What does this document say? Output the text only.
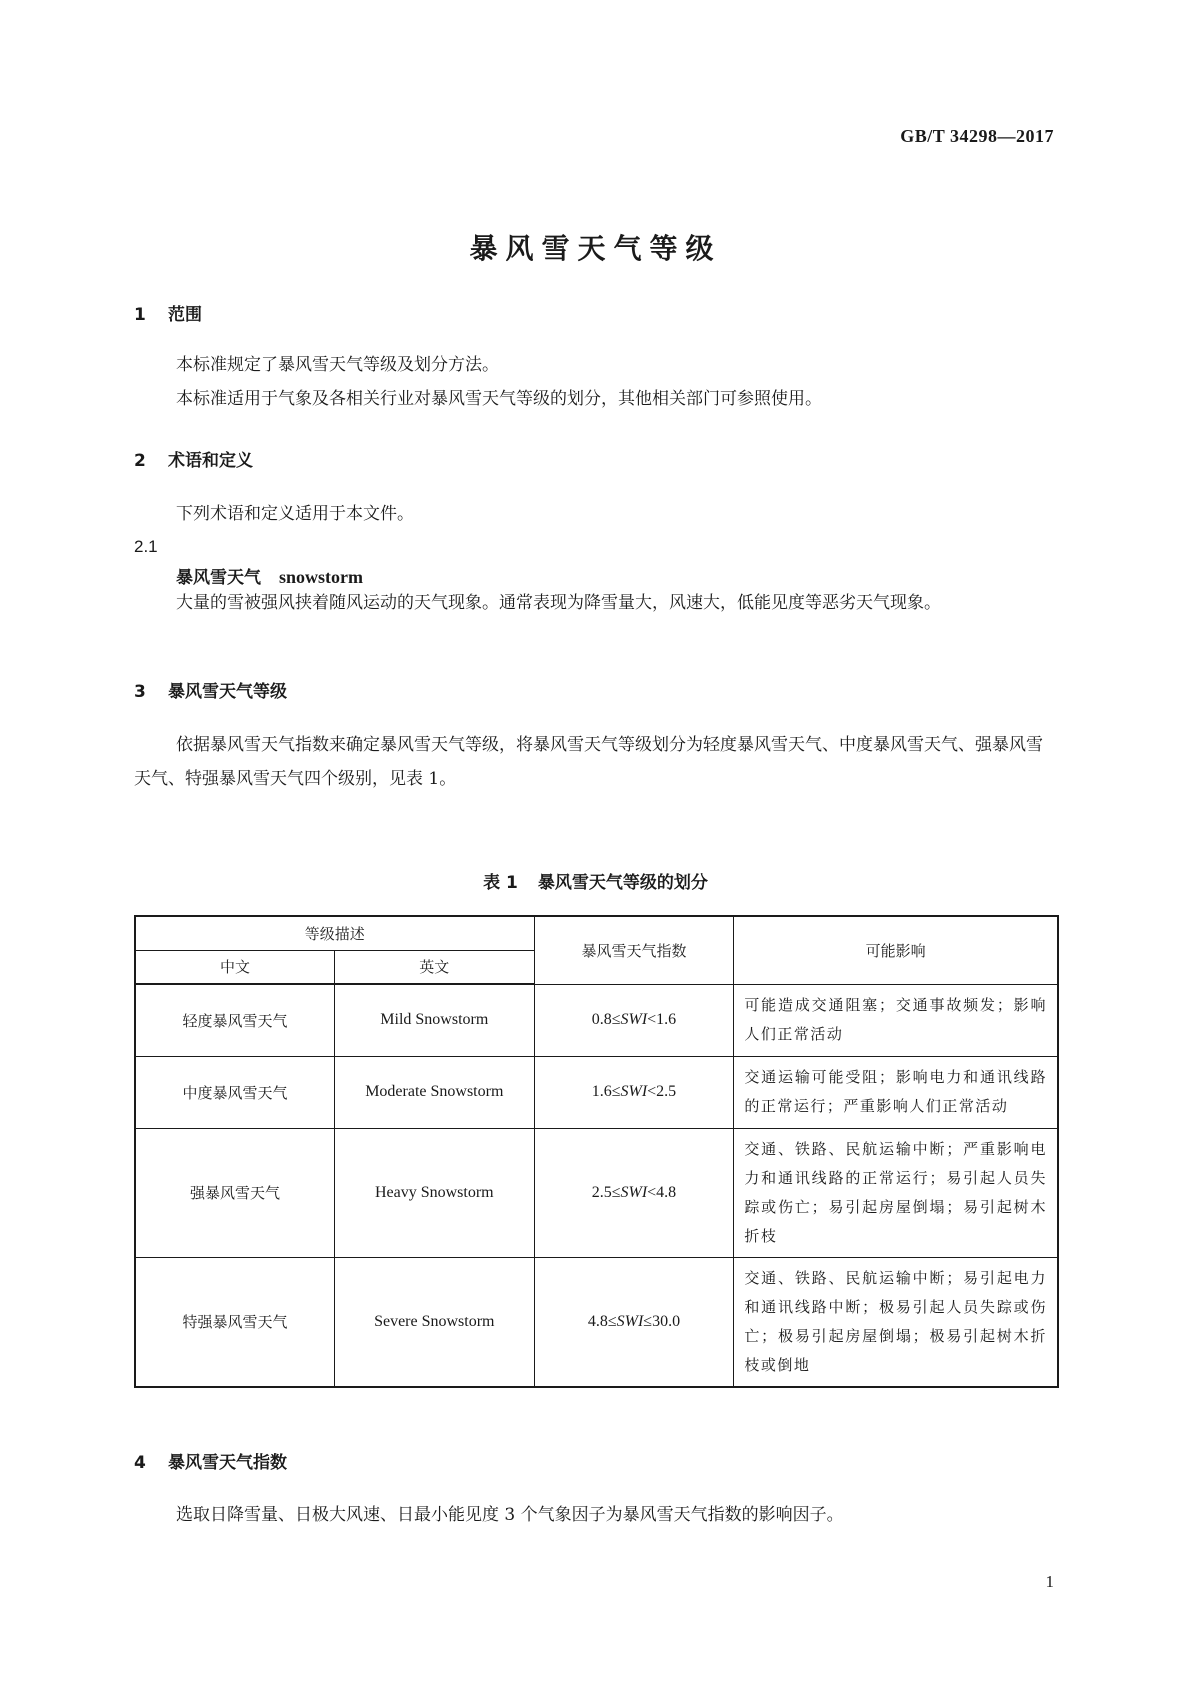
GB/T 34298—2017
暴风雪天气等级
1 范围
本标准规定了暴风雪天气等级及划分方法。
本标准适用于气象及各相关行业对暴风雪天气等级的划分，其他相关部门可参照使用。
2 术语和定义
下列术语和定义适用于本文件。
2.1
暴风雪天气 snowstorm
大量的雪被强风挟着随风运动的天气现象。通常表现为降雪量大，风速大，低能见度等恶劣天气现象。
3 暴风雪天气等级
依据暴风雪天气指数来确定暴风雪天气等级，将暴风雪天气等级划分为轻度暴风雪天气、中度暴风雪天气、强暴风雪天气、特强暴风雪天气四个级别，见表 1。
表 1 暴风雪天气等级的划分
等级描述		暴风雪天气指数	可能影响
中文	英文		
轻度暴风雪天气	Mild Snowstorm	0.8≤SWI<1.6	可能造成交通阻塞；交通事故频发；影响人们正常活动
中度暴风雪天气	Moderate Snowstorm	1.6≤SWI<2.5	交通运输可能受阻；影响电力和通讯线路的正常运行；严重影响人们正常活动
强暴风雪天气	Heavy Snowstorm	2.5≤SWI<4.8	交通、铁路、民航运输中断；严重影响电力和通讯线路的正常运行；易引起人员失踪或伤亡；易引起房屋倒塌；易引起树木折枝
特强暴风雪天气	Severe Snowstorm	4.8≤SWI≤30.0	交通、铁路、民航运输中断；易引起电力和通讯线路中断；极易引起人员失踪或伤亡；极易引起房屋倒塌；极易引起树木折枝或倒地
4 暴风雪天气指数
选取日降雪量、日极大风速、日最小能见度 3 个气象因子为暴风雪天气指数的影响因子。
1
